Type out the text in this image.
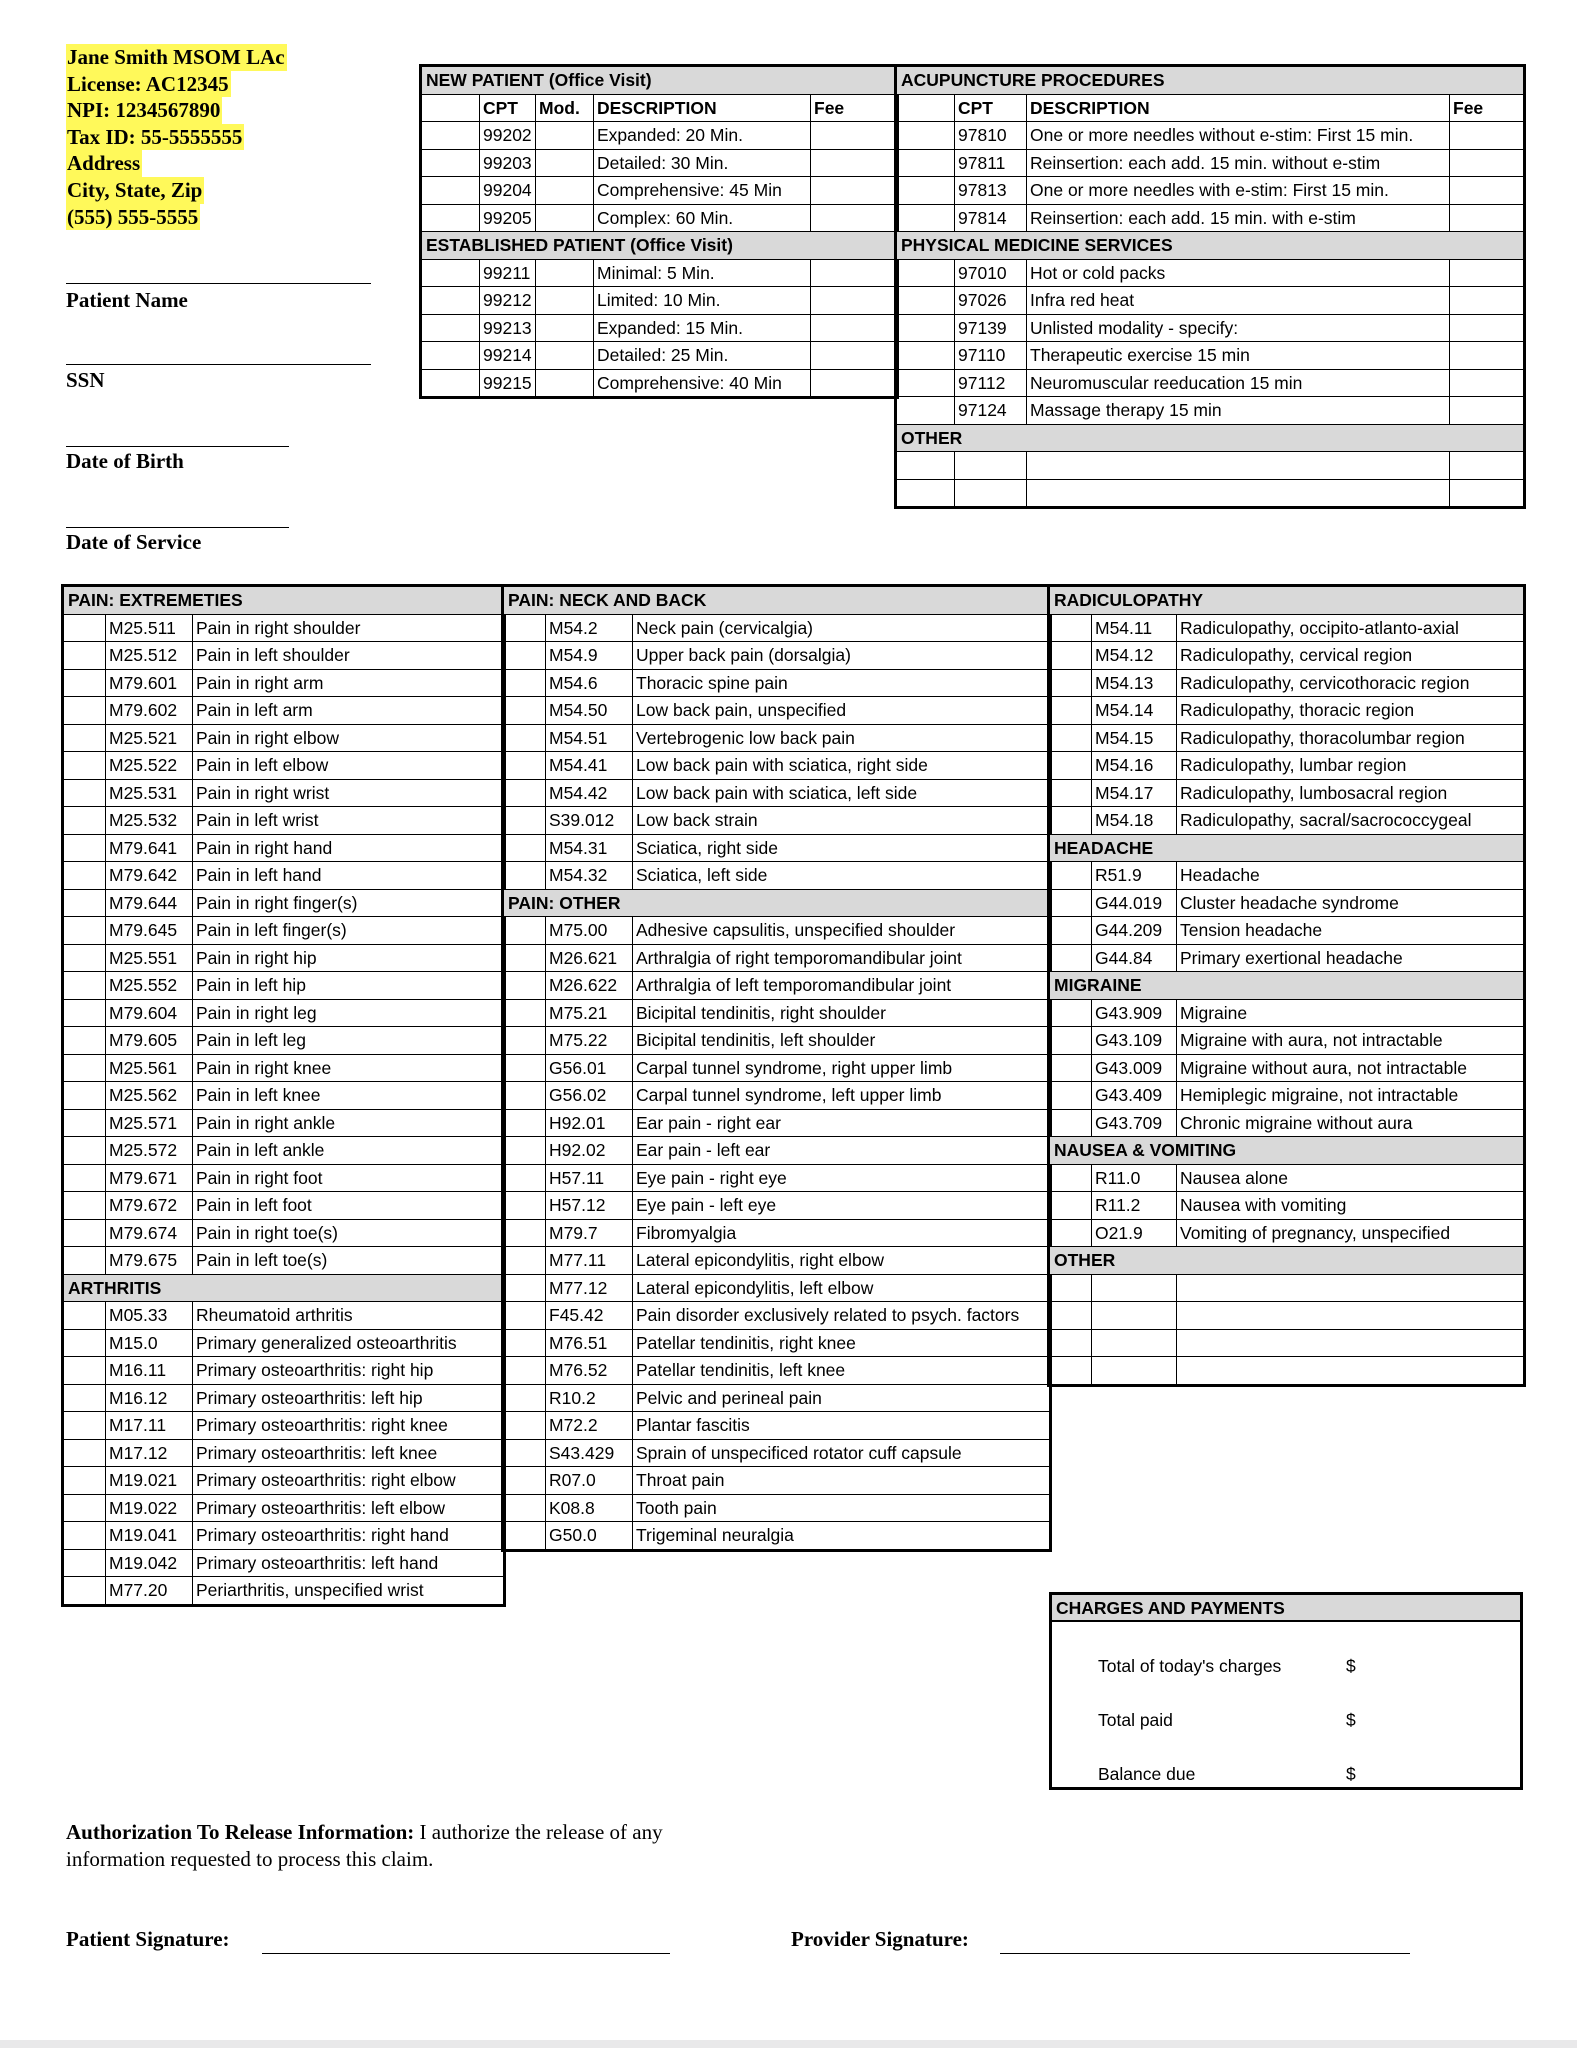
Jane Smith MSOM LAc
License: AC12345
NPI: 1234567890
Tax ID: 55-5555555
Address
City, State, Zip
(555) 555-5555
Patient Name
SSN
Date of Birth
Date of Service
NEW PATIENT (Office Visit)				
	CPT	Mod.	DESCRIPTION	Fee
	99202		Expanded: 20 Min.	
	99203		Detailed: 30 Min.	
	99204		Comprehensive: 45 Min	
	99205		Complex: 60 Min.	
ESTABLISHED PATIENT (Office Visit)				
	99211		Minimal: 5 Min.	
	99212		Limited: 10 Min.	
	99213		Expanded: 15 Min.	
	99214		Detailed: 25 Min.	
	99215		Comprehensive: 40 Min	
ACUPUNCTURE PROCEDURES			
	CPT	DESCRIPTION	Fee
	97810	One or more needles without e-stim: First 15 min.	
	97811	Reinsertion: each add. 15 min. without e-stim	
	97813	One or more needles with e-stim: First 15 min.	
	97814	Reinsertion: each add. 15 min. with e-stim	
PHYSICAL MEDICINE SERVICES			
	97010	Hot or cold packs	
	97026	Infra red heat	
	97139	Unlisted modality - specify:	
	97110	Therapeutic exercise 15 min	
	97112	Neuromuscular reeducation 15 min	
	97124	Massage therapy 15 min	
OTHER			

PAIN: EXTREMETIES		
	M25.511	Pain in right shoulder
	M25.512	Pain in left shoulder
	M79.601	Pain in right arm
	M79.602	Pain in left arm
	M25.521	Pain in right elbow
	M25.522	Pain in left elbow
	M25.531	Pain in right wrist
	M25.532	Pain in left wrist
	M79.641	Pain in right hand
	M79.642	Pain in left hand
	M79.644	Pain in right finger(s)
	M79.645	Pain in left finger(s)
	M25.551	Pain in right hip
	M25.552	Pain in left hip
	M79.604	Pain in right leg
	M79.605	Pain in left leg
	M25.561	Pain in right knee
	M25.562	Pain in left knee
	M25.571	Pain in right ankle
	M25.572	Pain in left ankle
	M79.671	Pain in right foot
	M79.672	Pain in left foot
	M79.674	Pain in right toe(s)
	M79.675	Pain in left toe(s)
ARTHRITIS		
	M05.33	Rheumatoid arthritis
	M15.0	Primary generalized osteoarthritis
	M16.11	Primary osteoarthritis: right hip
	M16.12	Primary osteoarthritis: left hip
	M17.11	Primary osteoarthritis: right knee
	M17.12	Primary osteoarthritis: left knee
	M19.021	Primary osteoarthritis: right elbow
	M19.022	Primary osteoarthritis: left elbow
	M19.041	Primary osteoarthritis: right hand
	M19.042	Primary osteoarthritis: left hand
	M77.20	Periarthritis, unspecified wrist
PAIN: NECK AND BACK		
	M54.2	Neck pain (cervicalgia)
	M54.9	Upper back pain (dorsalgia)
	M54.6	Thoracic spine pain
	M54.50	Low back pain, unspecified
	M54.51	Vertebrogenic low back pain
	M54.41	Low back pain with sciatica, right side
	M54.42	Low back pain with sciatica, left side
	S39.012	Low back strain
	M54.31	Sciatica, right side
	M54.32	Sciatica, left side
PAIN: OTHER		
	M75.00	Adhesive capsulitis, unspecified shoulder
	M26.621	Arthralgia of right temporomandibular joint
	M26.622	Arthralgia of left temporomandibular joint
	M75.21	Bicipital tendinitis, right shoulder
	M75.22	Bicipital tendinitis, left shoulder
	G56.01	Carpal tunnel syndrome, right upper limb
	G56.02	Carpal tunnel syndrome, left upper limb
	H92.01	Ear pain - right ear
	H92.02	Ear pain - left ear
	H57.11	Eye pain - right eye
	H57.12	Eye pain - left eye
	M79.7	Fibromyalgia
	M77.11	Lateral epicondylitis, right elbow
	M77.12	Lateral epicondylitis, left elbow
	F45.42	Pain disorder exclusively related to psych. factors
	M76.51	Patellar tendinitis, right knee
	M76.52	Patellar tendinitis, left knee
	R10.2	Pelvic and perineal pain
	M72.2	Plantar fascitis
	S43.429	Sprain of unspecificed rotator cuff capsule
	R07.0	Throat pain
	K08.8	Tooth pain
	G50.0	Trigeminal neuralgia
RADICULOPATHY		
	M54.11	Radiculopathy, occipito-atlanto-axial
	M54.12	Radiculopathy, cervical region
	M54.13	Radiculopathy, cervicothoracic region
	M54.14	Radiculopathy, thoracic region
	M54.15	Radiculopathy, thoracolumbar region
	M54.16	Radiculopathy, lumbar region
	M54.17	Radiculopathy, lumbosacral region
	M54.18	Radiculopathy, sacral/sacrococcygeal
HEADACHE		
	R51.9	Headache
	G44.019	Cluster headache syndrome
	G44.209	Tension headache
	G44.84	Primary exertional headache
MIGRAINE		
	G43.909	Migraine
	G43.109	Migraine with aura, not intractable
	G43.009	Migraine without aura, not intractable
	G43.409	Hemiplegic migraine, not intractable
	G43.709	Chronic migraine without aura
NAUSEA & VOMITING		
	R11.0	Nausea alone
	R11.2	Nausea with vomiting
	O21.9	Vomiting of pregnancy, unspecified
OTHER		

CHARGES AND PAYMENTS
Total of today's charges	$
Total paid	$
Balance due	$
Authorization To Release Information: I authorize the release of any information requested to process this claim.
Patient Signature:	Provider Signature:
